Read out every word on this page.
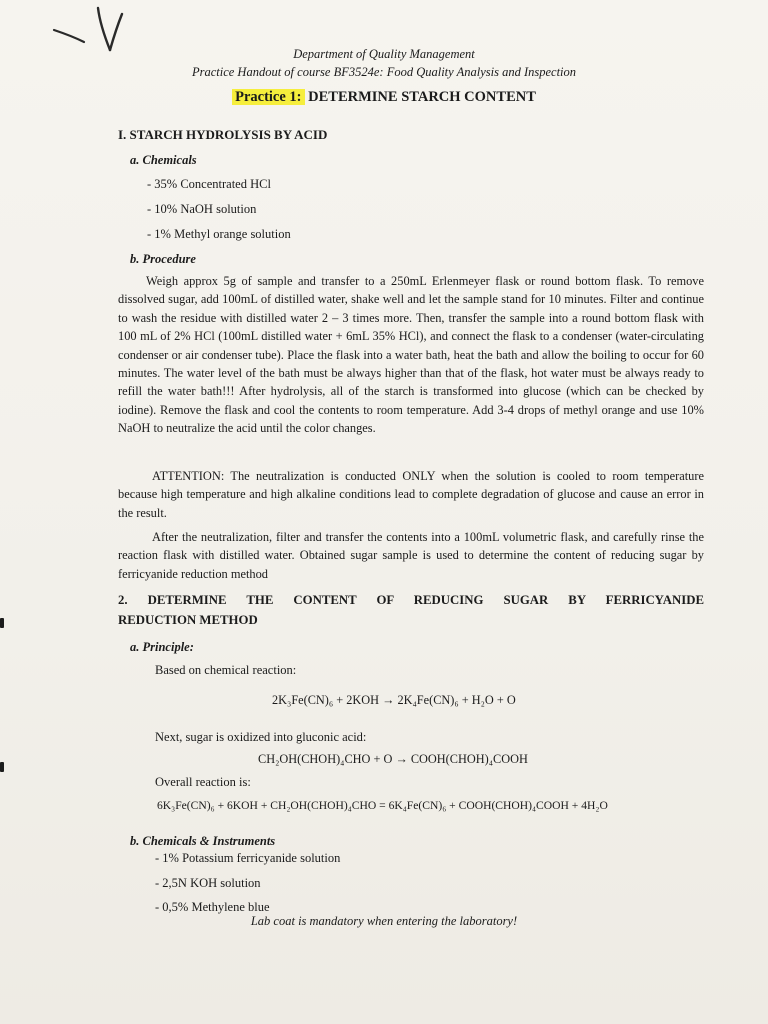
Department of Quality Management
Practice Handout of course BF3524e: Food Quality Analysis and Inspection
Practice 1: DETERMINE STARCH CONTENT
I. STARCH HYDROLYSIS BY ACID
a. Chemicals
- 35% Concentrated HCl
- 10% NaOH solution
- 1% Methyl orange solution
b. Procedure
Weigh approx 5g of sample and transfer to a 250mL Erlenmeyer flask or round bottom flask. To remove dissolved sugar, add 100mL of distilled water, shake well and let the sample stand for 10 minutes. Filter and continue to wash the residue with distilled water 2 – 3 times more. Then, transfer the sample into a round bottom flask with 100 mL of 2% HCl (100mL distilled water + 6mL 35% HCl), and connect the flask to a condenser (water-circulating condenser or air condenser tube). Place the flask into a water bath, heat the bath and allow the boiling to occur for 60 minutes. The water level of the bath must be always higher than that of the flask, hot water must be always ready to refill the water bath!!! After hydrolysis, all of the starch is transformed into glucose (which can be checked by iodine). Remove the flask and cool the contents to room temperature. Add 3-4 drops of methyl orange and use 10% NaOH to neutralize the acid until the color changes.
ATTENTION: The neutralization is conducted ONLY when the solution is cooled to room temperature because high temperature and high alkaline conditions lead to complete degradation of glucose and cause an error in the result.
After the neutralization, filter and transfer the contents into a 100mL volumetric flask, and carefully rinse the reaction flask with distilled water. Obtained sugar sample is used to determine the content of reducing sugar by ferricyanide reduction method
2. DETERMINE THE CONTENT OF REDUCING SUGAR BY FERRICYANIDE
REDUCTION METHOD
a. Principle:
Based on chemical reaction:
2K₃Fe(CN)₆ + 2KOH → 2K₄Fe(CN)₆ + H₂O + O
Next, sugar is oxidized into gluconic acid:
CH₂OH(CHOH)₄CHO + O → COOH(CHOH)₄COOH
Overall reaction is:
6K₃Fe(CN)₆ + 6KOH + CH₂OH(CHOH)₄CHO = 6K₄Fe(CN)₆ + COOH(CHOH)₄COOH + 4H₂O
b. Chemicals & Instruments
- 1% Potassium ferricyanide solution
- 2,5N KOH solution
- 0,5% Methylene blue
Lab coat is mandatory when entering the laboratory!
